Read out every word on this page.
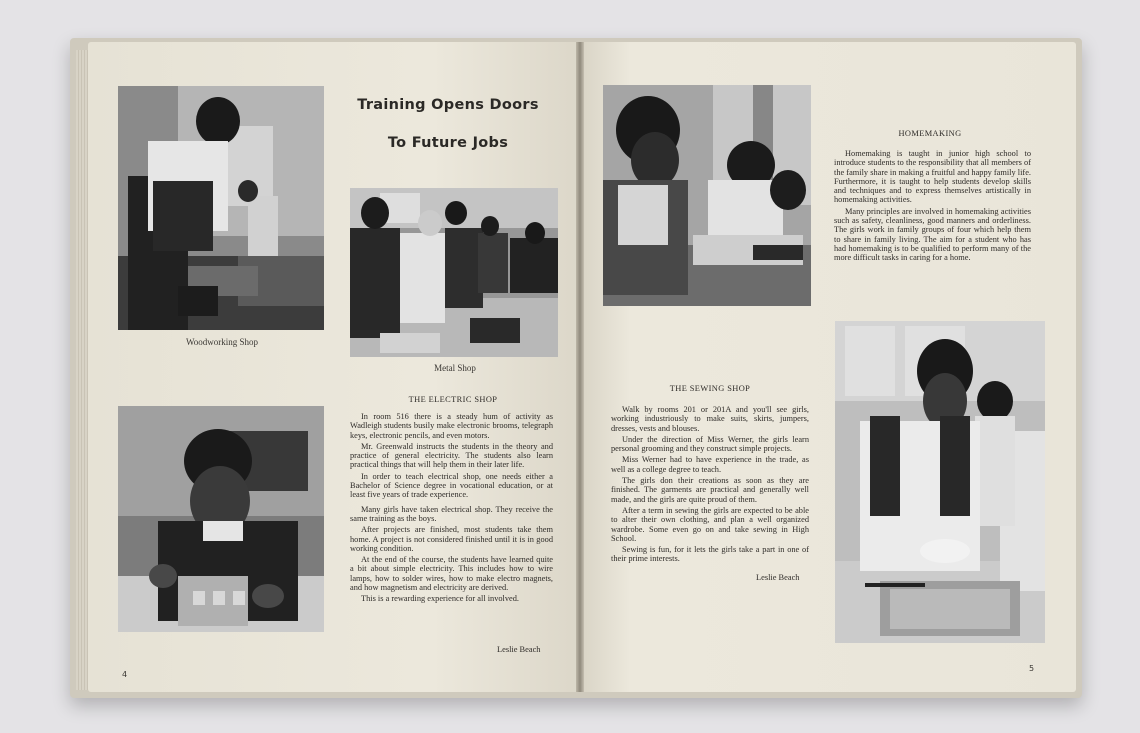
Woodworking Shop
Training Opens Doors
To Future Jobs
Metal Shop
THE ELECTRIC SHOP

In room 516 there is a steady hum of activity as Wadleigh students busily make electronic brooms, telegraph keys, electronic pencils, and even motors.

Mr. Greenwald instructs the students in the theory and practice of general electricity. The students also learn practical things that will help them in their later life.

In order to teach electrical shop, one needs either a Bachelor of Science degree in vocational education, or at least five years of trade experience.

Many girls have taken electrical shop. They receive the same training as the boys.

After projects are finished, most students take them home. A project is not considered finished until it is in good working condition.

At the end of the course, the students have learned quite a bit about simple electricity. This includes how to wire lamps, how to solder wires, how to make electro magnets, and how magnetism and electricity are derived.

This is a rewarding experience for all involved.

Leslie Beach
4
HOMEMAKING

Homemaking is taught in junior high school to introduce students to the responsibility that all members of the family share in making a fruitful and happy family life. Furthermore, it is taught to help students develop skills and techniques and to express themselves artistically in homemaking activities.

Many principles are involved in homemaking activities such as safety, cleanliness, good manners and orderliness. The girls work in family groups of four which help them to share in family living. The aim for a student who has had homemaking is to be qualified to perform many of the more difficult tasks in caring for a home.

THE SEWING SHOP

Walk by rooms 201 or 201A and you'll see girls, working industriously to make suits, skirts, jumpers, dresses, vests and blouses.

Under the direction of Miss Werner, the girls learn personal grooming and they construct simple projects.

Miss Werner had to have experience in the trade, as well as a college degree to teach.

The girls don their creations as soon as they are finished. The garments are practical and generally well made, and the girls are quite proud of them.

After a term in sewing the girls are expected to be able to alter their own clothing, and plan a well organized wardrobe. Some even go on and take sewing in High School.

Sewing is fun, for it lets the girls take a part in one of their prime interests.

Leslie Beach
5
